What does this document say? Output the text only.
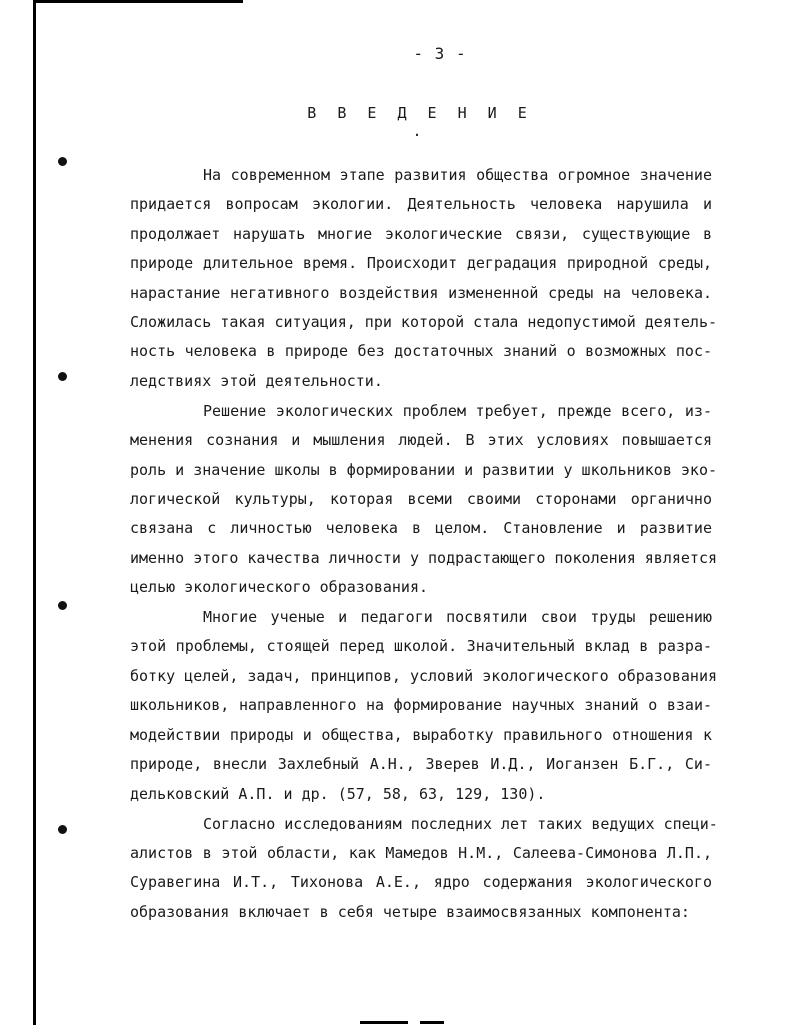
- 3 -
В В Е Д Е Н И Е .
На современном этапе развития общества огромное значение
придается вопросам экологии. Деятельность человека нарушила и
продолжает нарушать многие экологические связи, существующие в
природе длительное время. Происходит деградация природной среды,
нарастание негативного воздействия измененной среды на человека.
Сложилась такая ситуация, при которой стала недопустимой деятель-
ность человека в природе без достаточных знаний о возможных пос-
ледствиях этой деятельности.
Решение экологических проблем требует, прежде всего, из-
менения сознания и мышления людей. В этих условиях повышается
роль и значение школы в формировании и развитии у школьников эко-
логической культуры, которая всеми своими сторонами органично
связана с личностью человека в целом. Становление и развитие
именно этого качества личности у подрастающего поколения является
целью экологического образования.
Многие ученые и педагоги посвятили свои труды решению
этой проблемы, стоящей перед школой. Значительный вклад в разра-
ботку целей, задач, принципов, условий экологического образования
школьников, направленного на формирование научных знаний о взаи-
модействии природы и общества, выработку правильного отношения к
природе, внесли Захлебный А.Н., Зверев И.Д., Иоганзен Б.Г., Си-
дельковский А.П. и др. (57, 58, 63, 129, 130).
Согласно исследованиям последних лет таких ведущих специ-
алистов в этой области, как Мамедов Н.М., Салеева-Симонова Л.П.,
Суравегина И.Т., Тихонова А.Е., ядро содержания экологического
образования включает в себя четыре взаимосвязанных компонента:
